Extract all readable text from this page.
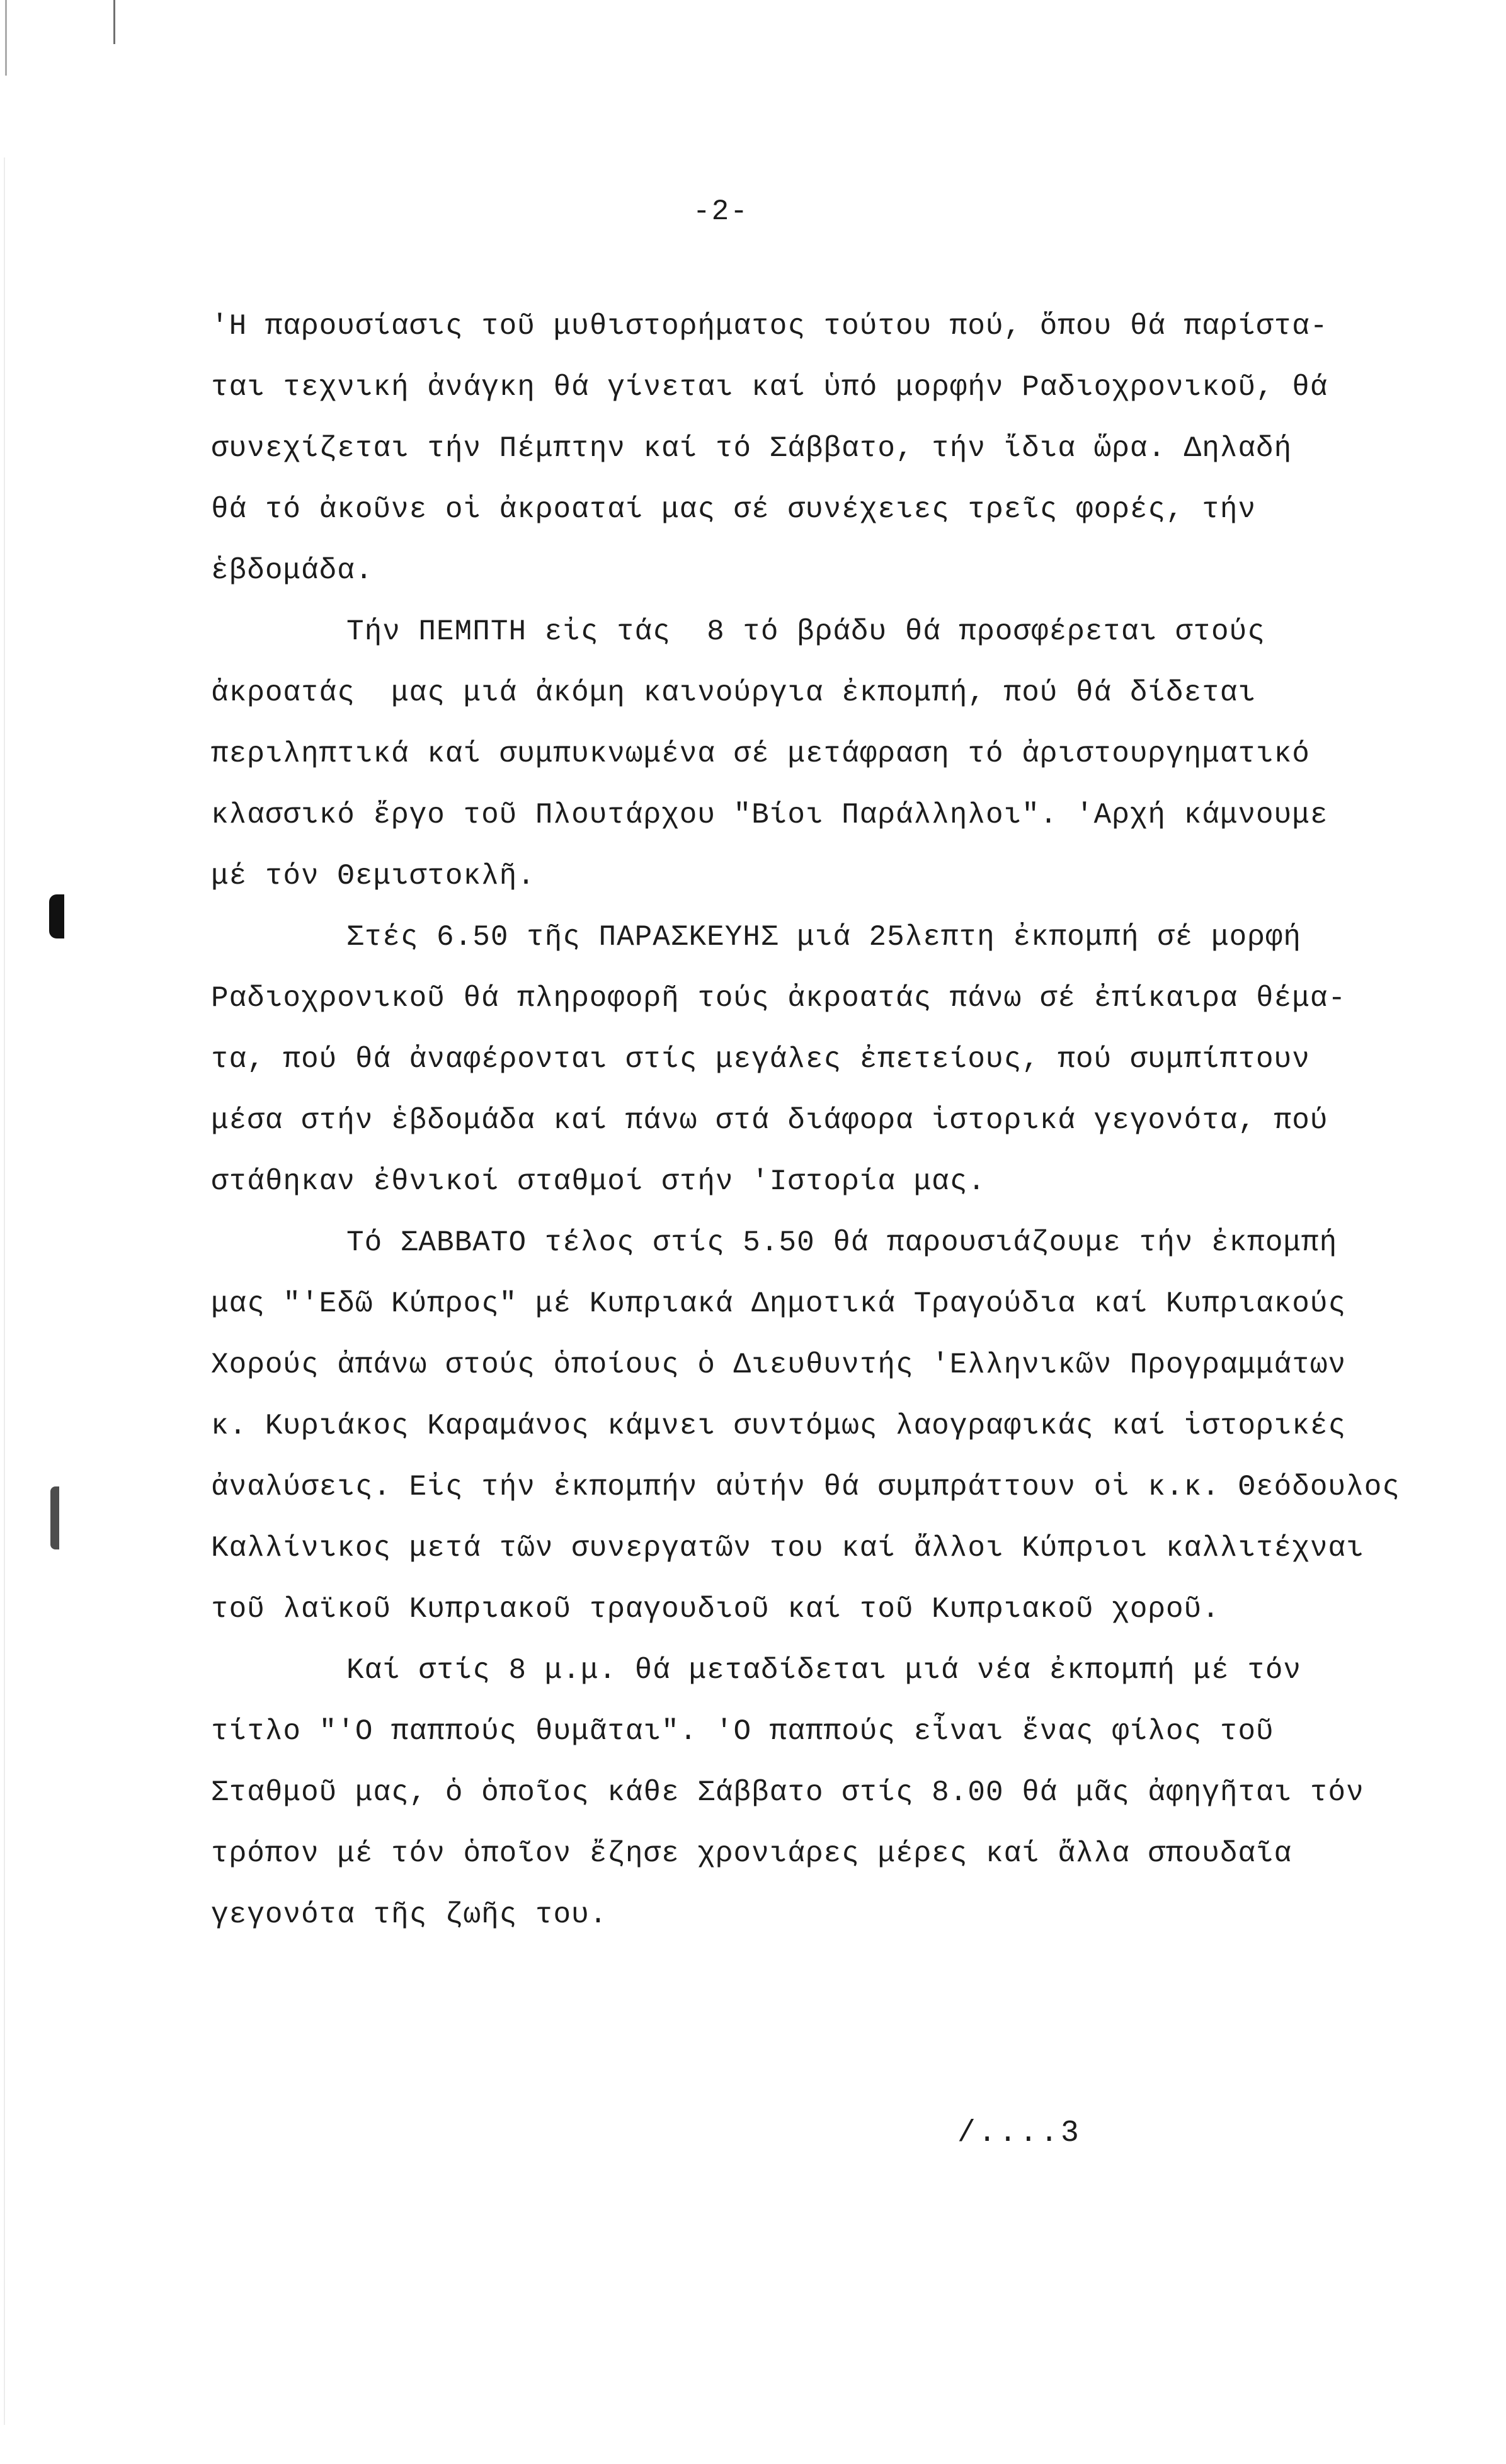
-2-
'Η παρουσίασις τοῦ μυθιστορήματος τούτου πού, ὅπου θά παρίστα-
ται τεχνική ἀνάγκη θά γίνεται καί ὑπό μορφήν Ραδιοχρονικοῦ, θά
συνεχίζεται τήν Πέμπτην καί τό Σάββατο, τήν ἴδια ὥρα. Δηλαδή
θά τό ἀκοῦνε οἱ ἀκροαταί μας σέ συνέχειες τρεῖς φορές, τήν
ἑβδομάδα.
Τήν ΠΕΜΠΤΗ εἰς τάς  8 τό βράδυ θά προσφέρεται στούς
ἀκροατάς  μας μιά ἀκόμη καινούργια ἐκπομπή, πού θά δίδεται
περιληπτικά καί συμπυκνωμένα σέ μετάφραση τό ἀριστουργηματικό
κλασσικό ἔργο τοῦ Πλουτάρχου "Βίοι Παράλληλοι". 'Αρχή κάμνουμε
μέ τόν Θεμιστοκλῆ.
Στές 6.50 τῆς ΠΑΡΑΣΚΕΥΗΣ μιά 25λεπτη ἐκπομπή σέ μορφή
Ραδιοχρονικοῦ θά πληροφορῆ τούς ἀκροατάς πάνω σέ ἐπίκαιρα θέμα-
τα, πού θά ἀναφέρονται στίς μεγάλες ἐπετείους, πού συμπίπτουν
μέσα στήν ἑβδομάδα καί πάνω στά διάφορα ἱστορικά γεγονότα, πού
στάθηκαν ἐθνικοί σταθμοί στήν 'Ιστορία μας.
Τό ΣΑΒΒΑΤΟ τέλος στίς 5.50 θά παρουσιάζουμε τήν ἐκπομπή
μας "'Εδῶ Κύπρος" μέ Κυπριακά Δημοτικά Τραγούδια καί Κυπριακούς
Χορούς ἀπάνω στούς ὁποίους ὁ Διευθυντής 'Ελληνικῶν Προγραμμάτων
κ. Κυριάκος Καραμάνος κάμνει συντόμως λαογραφικάς καί ἱστορικές
ἀναλύσεις. Εἰς τήν ἐκπομπήν αὐτήν θά συμπράττουν οἱ κ.κ. Θεόδουλος
Καλλίνικος μετά τῶν συνεργατῶν του καί ἄλλοι Κύπριοι καλλιτέχναι
τοῦ λαϊκοῦ Κυπριακοῦ τραγουδιοῦ καί τοῦ Κυπριακοῦ χοροῦ.
Καί στίς 8 μ.μ. θά μεταδίδεται μιά νέα ἐκπομπή μέ τόν
τίτλο "'Ο παππούς θυμᾶται". 'Ο παππούς εἶναι ἕνας φίλος τοῦ
Σταθμοῦ μας, ὁ ὁποῖος κάθε Σάββατο στίς 8.00 θά μᾶς ἀφηγῆται τόν
τρόπον μέ τόν ὁποῖον ἔζησε χρονιάρες μέρες καί ἄλλα σπουδαῖα
γεγονότα τῆς ζωῆς του.
/....3
